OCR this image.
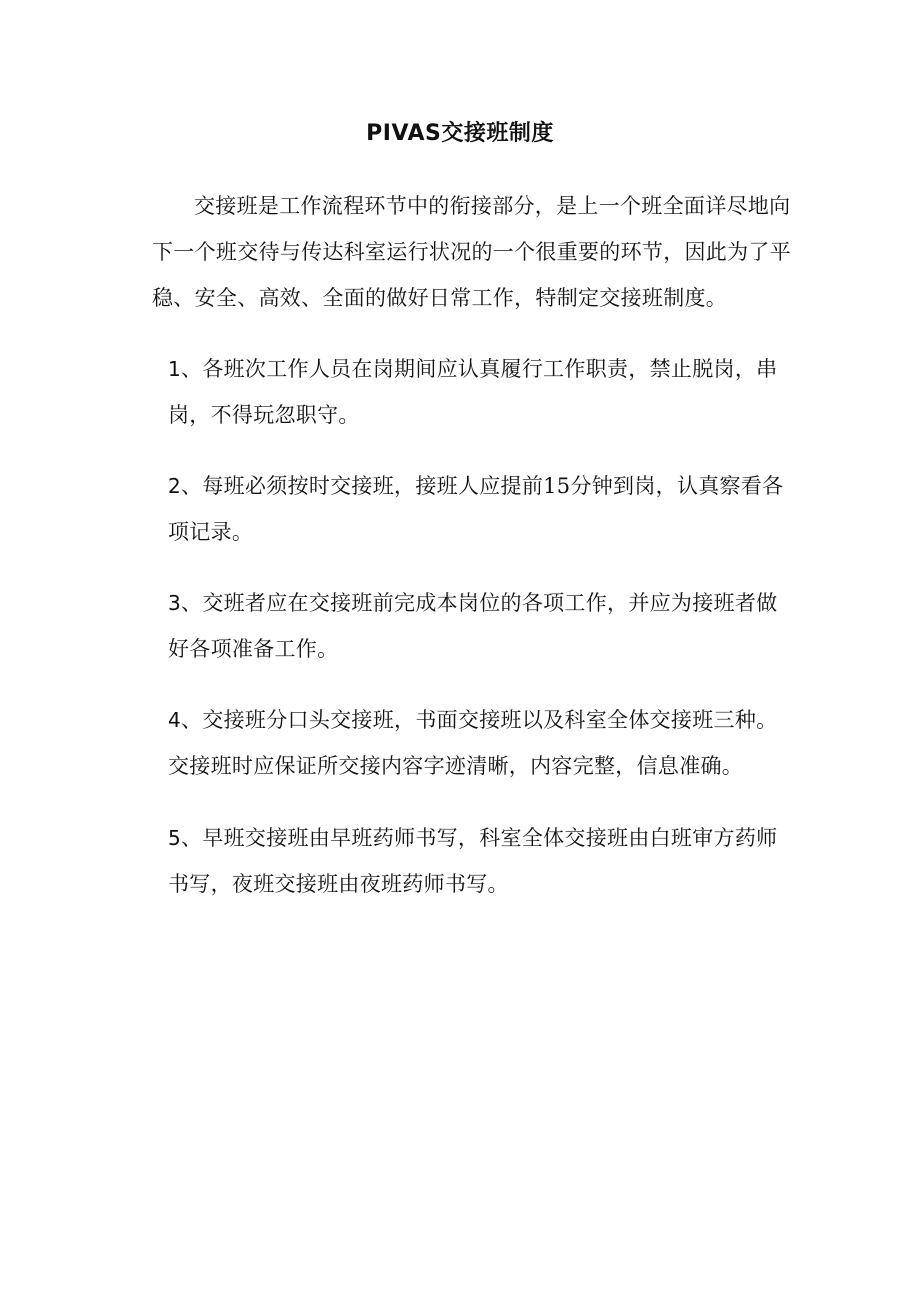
PIVAS交接班制度

交接班是工作流程环节中的衔接部分，是上一个班全面详尽地向下一个班交待与传达科室运行状况的一个很重要的环节，因此为了平稳、安全、高效、全面的做好日常工作，特制定交接班制度。

1、各班次工作人员在岗期间应认真履行工作职责，禁止脱岗，串岗，不得玩忽职守。

2、每班必须按时交接班，接班人应提前15分钟到岗，认真察看各项记录。

3、交班者应在交接班前完成本岗位的各项工作，并应为接班者做好各项准备工作。

4、交接班分口头交接班，书面交接班以及科室全体交接班三种。交接班时应保证所交接内容字迹清晰，内容完整，信息准确。

5、早班交接班由早班药师书写，科室全体交接班由白班审方药师书写，夜班交接班由夜班药师书写。
